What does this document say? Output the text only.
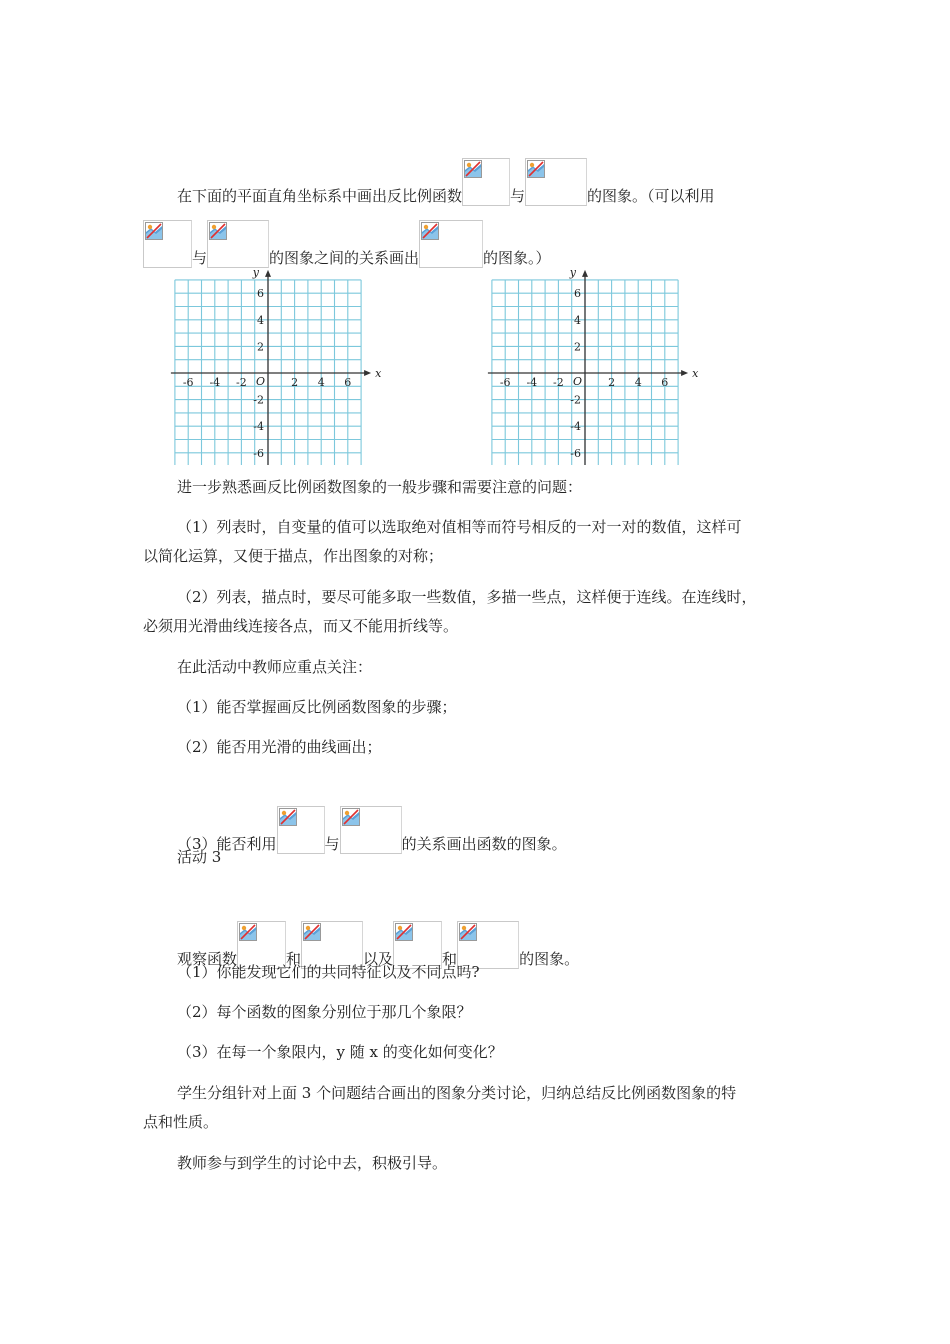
在下面的平面直角坐标系中画出反比例函数	与	的图象。（可以利用
与	的图象之间的关系画出	的图象。）
-6 -4 -2	2 4 6
6
4
2
-2
-4
-6
x
y
O	-6 -4 -2	2 4 6
6
4
2
-2
-4
-6
x
y
O
进一步熟悉画反比例函数图象的一般步骤和需要注意的问题：
（1）列表时，自变量的值可以选取绝对值相等而符号相反的一对一对的数值，这样可
以简化运算，又便于描点，作出图象的对称；
（2）列表，描点时，要尽可能多取一些数值，多描一些点，这样便于连线。在连线时，
必须用光滑曲线连接各点，而又不能用折线等。
在此活动中教师应重点关注：
（1）能否掌握画反比例函数图象的步骤；
（2）能否用光滑的曲线画出；
（3）能否利用	与	的关系画出函数的图象。
活动 3
观察函数	和	以及	和	的图象。
（1）你能发现它们的共同特征以及不同点吗?
（2）每个函数的图象分别位于那几个象限？
（3）在每一个象限内，y 随 x 的变化如何变化？
学生分组针对上面 3 个问题结合画出的图象分类讨论，归纳总结反比例函数图象的特
点和性质。
教师参与到学生的讨论中去，积极引导。
